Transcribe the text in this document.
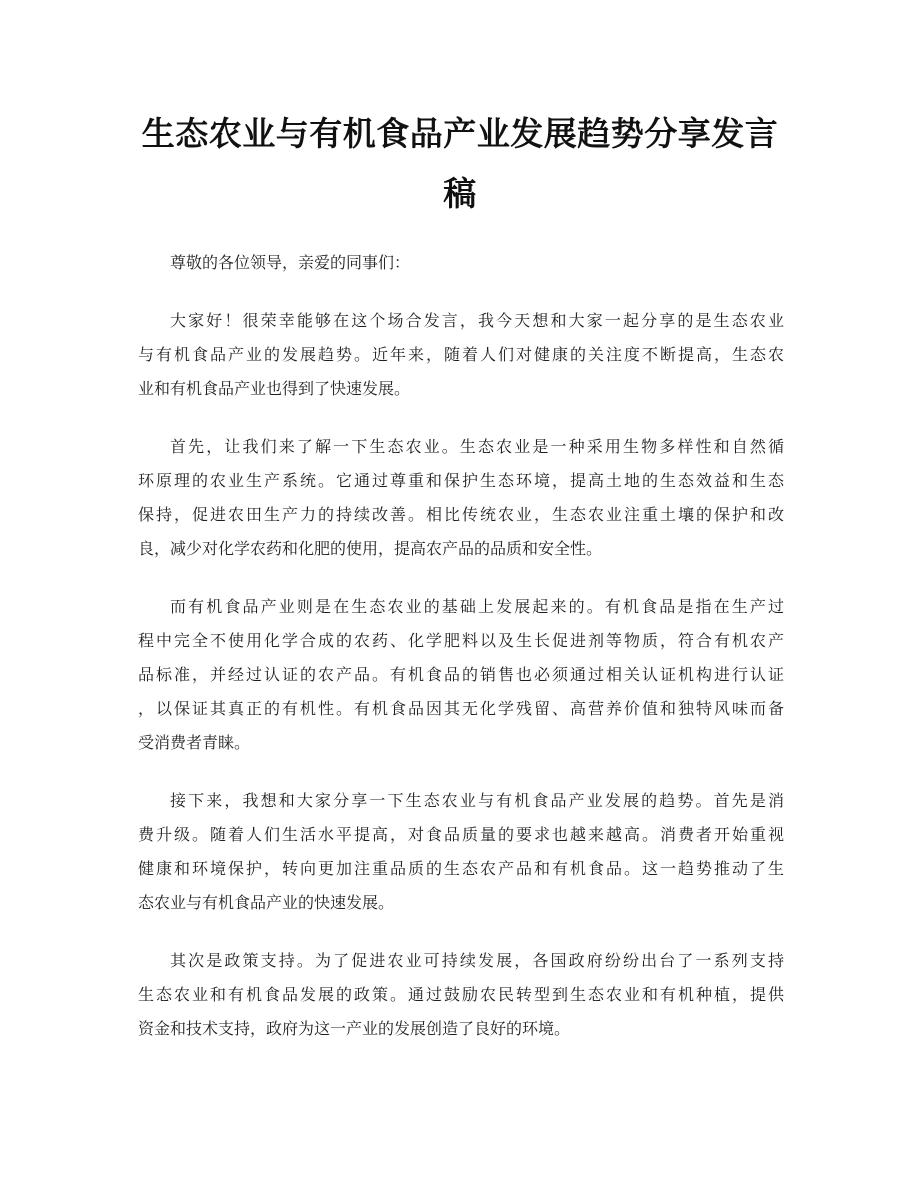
生态农业与有机食品产业发展趋势分享发言
稿

尊敬的各位领导，亲爱的同事们：

大家好！很荣幸能够在这个场合发言，我今天想和大家一起分享的是生态农业
与有机食品产业的发展趋势。近年来，随着人们对健康的关注度不断提高，生态农
业和有机食品产业也得到了快速发展。

首先，让我们来了解一下生态农业。生态农业是一种采用生物多样性和自然循
环原理的农业生产系统。它通过尊重和保护生态环境，提高土地的生态效益和生态
保持，促进农田生产力的持续改善。相比传统农业，生态农业注重土壤的保护和改
良，减少对化学农药和化肥的使用，提高农产品的品质和安全性。

而有机食品产业则是在生态农业的基础上发展起来的。有机食品是指在生产过
程中完全不使用化学合成的农药、化学肥料以及生长促进剂等物质，符合有机农产
品标准，并经过认证的农产品。有机食品的销售也必须通过相关认证机构进行认证
，以保证其真正的有机性。有机食品因其无化学残留、高营养价值和独特风味而备
受消费者青睐。

接下来，我想和大家分享一下生态农业与有机食品产业发展的趋势。首先是消
费升级。随着人们生活水平提高，对食品质量的要求也越来越高。消费者开始重视
健康和环境保护，转向更加注重品质的生态农产品和有机食品。这一趋势推动了生
态农业与有机食品产业的快速发展。

其次是政策支持。为了促进农业可持续发展，各国政府纷纷出台了一系列支持
生态农业和有机食品发展的政策。通过鼓励农民转型到生态农业和有机种植，提供
资金和技术支持，政府为这一产业的发展创造了良好的环境。
